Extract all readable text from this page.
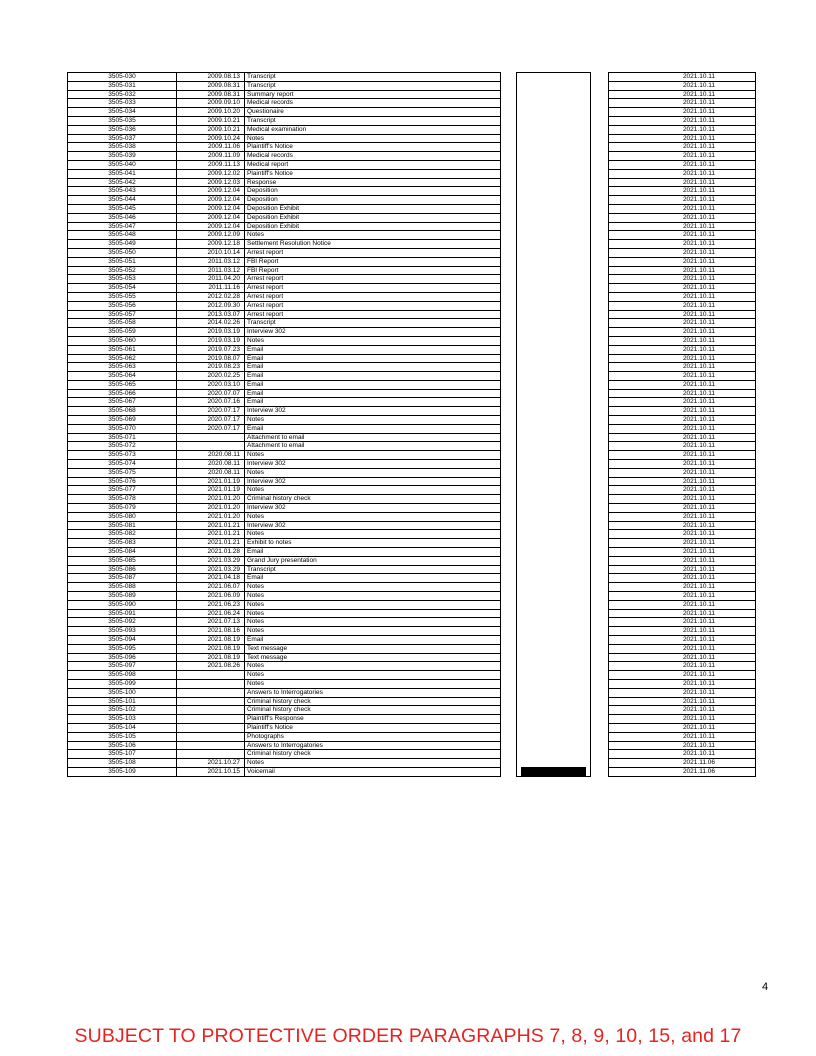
3505-030	2009.08.13	Transcript				2021.10.11
3505-031	2009.08.31	Transcript				2021.10.11
3505-032	2009.08.31	Summary report				2021.10.11
3505-033	2009.09.10	Medical records				2021.10.11
3505-034	2009.10.20	Questionaire				2021.10.11
3505-035	2009.10.21	Transcript				2021.10.11
3505-036	2009.10.21	Medical examination				2021.10.11
3505-037	2009.10.24	Notes				2021.10.11
3505-038	2009.11.06	Plaintiff's Notice				2021.10.11
3505-039	2009.11.09	Medical records				2021.10.11
3505-040	2009.11.13	Medical report				2021.10.11
3505-041	2009.12.02	Plaintiff's Notice				2021.10.11
3505-042	2009.12.03	Response				2021.10.11
3505-043	2009.12.04	Deposition				2021.10.11
3505-044	2009.12.04	Deposition				2021.10.11
3505-045	2009.12.04	Deposition Exhibit				2021.10.11
3505-046	2009.12.04	Deposition Exhibit				2021.10.11
3505-047	2009.12.04	Deposition Exhibit				2021.10.11
3505-048	2009.12.09	Notes				2021.10.11
3505-049	2009.12.18	Settlement Resolution Notice				2021.10.11
3505-050	2010.10.14	Arrest report				2021.10.11
3505-051	2011.03.12	FBI Report				2021.10.11
3505-052	2011.03.12	FBI Report				2021.10.11
3505-053	2011.04.20	Arrest report				2021.10.11
3505-054	2011.11.16	Arrest report				2021.10.11
3505-055	2012.02.28	Arrest report				2021.10.11
3505-056	2012.09.30	Arrest report				2021.10.11
3505-057	2013.03.07	Arrest report				2021.10.11
3505-058	2014.02.26	Transcript				2021.10.11
3505-059	2019.03.19	Interview 302				2021.10.11
3505-060	2019.03.19	Notes				2021.10.11
3505-061	2019.07.23	Email				2021.10.11
3505-062	2019.08.07	Email				2021.10.11
3505-063	2019.08.23	Email				2021.10.11
3505-064	2020.02.25	Email				2021.10.11
3505-065	2020.03.10	Email				2021.10.11
3505-066	2020.07.07	Email				2021.10.11
3505-067	2020.07.16	Email				2021.10.11
3505-068	2020.07.17	Interview 302				2021.10.11
3505-069	2020.07.17	Notes				2021.10.11
3505-070	2020.07.17	Email				2021.10.11
3505-071		Attachment to email				2021.10.11
3505-072		Attachment to email				2021.10.11
3505-073	2020.08.11	Notes				2021.10.11
3505-074	2020.08.11	Interview 302				2021.10.11
3505-075	2020.08.11	Notes				2021.10.11
3505-076	2021.01.19	Interview 302				2021.10.11
3505-077	2021.01.19	Notes				2021.10.11
3505-078	2021.01.20	Criminal history check				2021.10.11
3505-079	2021.01.20	Interview 302				2021.10.11
3505-080	2021.01.20	Notes				2021.10.11
3505-081	2021.01.21	Interview 302				2021.10.11
3505-082	2021.01.21	Notes				2021.10.11
3505-083	2021.01.21	Exhibit to notes				2021.10.11
3505-084	2021.01.28	Email				2021.10.11
3505-085	2021.03.29	Grand Jury presentation				2021.10.11
3505-086	2021.03.29	Transcript				2021.10.11
3505-087	2021.04.18	Email				2021.10.11
3505-088	2021.06.07	Notes				2021.10.11
3505-089	2021.06.09	Notes				2021.10.11
3505-090	2021.06.23	Notes				2021.10.11
3505-091	2021.06.24	Notes				2021.10.11
3505-092	2021.07.13	Notes				2021.10.11
3505-093	2021.08.16	Notes				2021.10.11
3505-094	2021.08.19	Email				2021.10.11
3505-095	2021.08.19	Text message				2021.10.11
3505-096	2021.08.19	Text message				2021.10.11
3505-097	2021.08.26	Notes				2021.10.11
3505-098		Notes				2021.10.11
3505-099		Notes				2021.10.11
3505-100		Answers to Interrogatories				2021.10.11
3505-101		Criminal history check				2021.10.11
3505-102		Criminal history check				2021.10.11
3505-103		Plaintiff's Response				2021.10.11
3505-104		Plaintiff's Notice				2021.10.11
3505-105		Photographs				2021.10.11
3505-106		Answers to Interrogatories				2021.10.11
3505-107		Criminal history check				2021.10.11
3505-108	2021.10.27	Notes				2021.11.06
3505-109	2021.10.15	Voicemail				2021.11.06
4
SUBJECT TO PROTECTIVE ORDER PARAGRAPHS 7, 8, 9, 10, 15, and 17
